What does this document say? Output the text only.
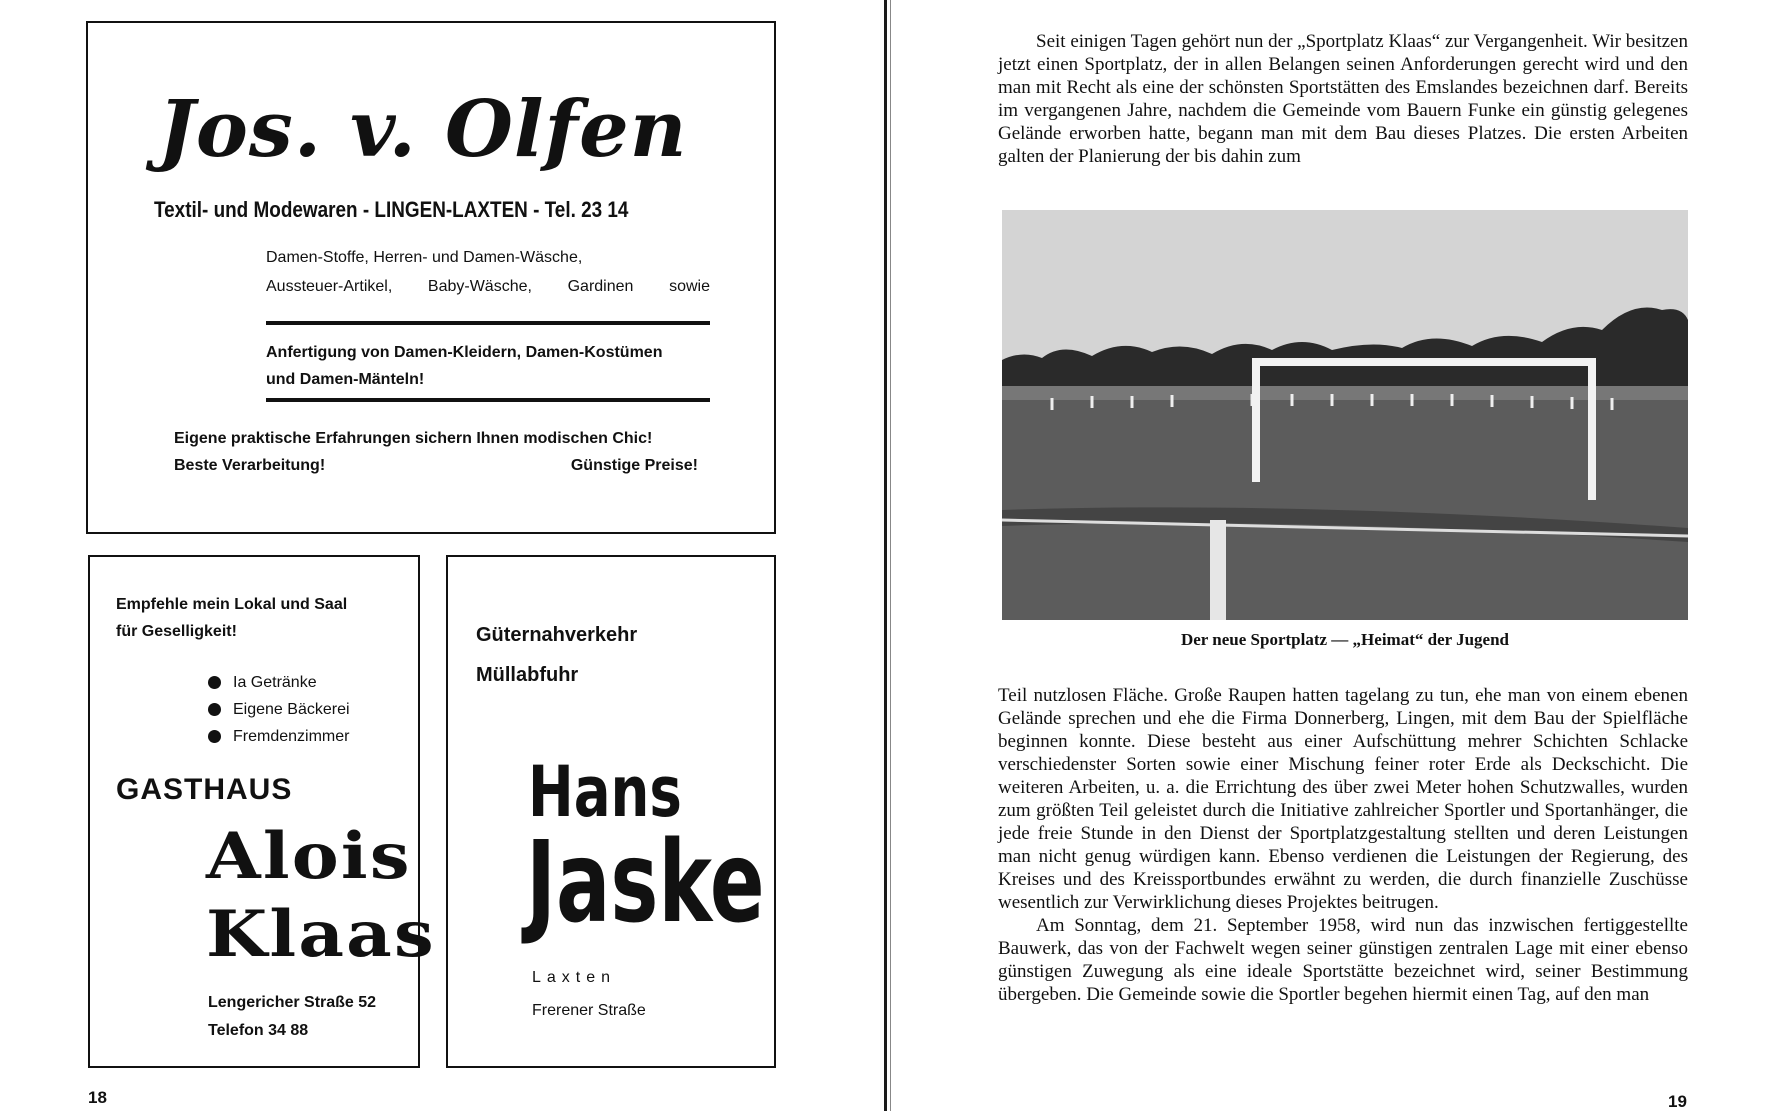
Jos. v. Olfen
Textil- und Modewaren - LINGEN-LAXTEN - Tel. 23 14
Damen-Stoffe, Herren- und Damen-Wäsche,
Aussteuer-Artikel, Baby-Wäsche, Gardinen sowie
Anfertigung von Damen-Kleidern, Damen-Kostümen
und Damen-Mänteln!
Eigene praktische Erfahrungen sichern Ihnen modischen Chic!
Beste Verarbeitung!	Günstige Preise!
Empfehle mein Lokal und Saal
für Geselligkeit!
Ia Getränke
Eigene Bäckerei
Fremdenzimmer
GASTHAUS
Alois
Klaas
Lengericher Straße 52
Telefon 34 88
Güternahverkehr
Müllabfuhr
Hans
Jaske
Laxten
Frerener Straße
18

Seit einigen Tagen gehört nun der „Sportplatz Klaas“ zur Vergangenheit. Wir besitzen jetzt einen Sportplatz, der in allen Belangen seinen Anforderungen gerecht wird und den man mit Recht als eine der schönsten Sportstätten des Emslandes bezeichnen darf. Bereits im vergangenen Jahre, nachdem die Gemeinde vom Bauern Funke ein günstig gelegenes Gelände erworben hatte, begann man mit dem Bau dieses Platzes. Die ersten Arbeiten galten der Planierung der bis dahin zum

Der neue Sportplatz — „Heimat“ der Jugend

Teil nutzlosen Fläche. Große Raupen hatten tagelang zu tun, ehe man von einem ebenen Gelände sprechen und ehe die Firma Donnerberg, Lingen, mit dem Bau der Spielfläche beginnen konnte. Diese besteht aus einer Aufschüttung mehrer Schichten Schlacke verschiedenster Sorten sowie einer Mischung feiner roter Erde als Deckschicht. Die weiteren Arbeiten, u. a. die Errichtung des über zwei Meter hohen Schutzwalles, wurden zum größten Teil geleistet durch die Initiative zahlreicher Sportler und Sportanhänger, die jede freie Stunde in den Dienst der Sportplatzgestaltung stellten und deren Leistungen man nicht genug würdigen kann. Ebenso verdienen die Leistungen der Regierung, des Kreises und des Kreissportbundes erwähnt zu werden, die durch finanzielle Zuschüsse wesentlich zur Verwirklichung dieses Projektes beitrugen.

Am Sonntag, dem 21. September 1958, wird nun das inzwischen fertiggestellte Bauwerk, das von der Fachwelt wegen seiner günstigen zentralen Lage mit einer ebenso günstigen Zuwegung als eine ideale Sportstätte bezeichnet wird, seiner Bestimmung übergeben. Die Gemeinde sowie die Sportler begehen hiermit einen Tag, auf den man

19
